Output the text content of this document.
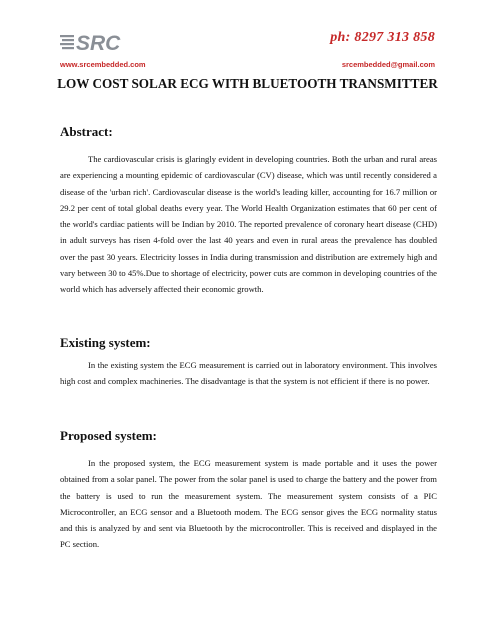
SRC	ph: 8297 313 858
www.srcembedded.com	srcembedded@gmail.com
LOW COST SOLAR ECG WITH BLUETOOTH TRANSMITTER
Abstract:

The cardiovascular crisis is glaringly evident in developing countries. Both the urban and rural areas are experiencing a mounting epidemic of cardiovascular (CV) disease, which was until recently considered a disease of the 'urban rich'. Cardiovascular disease is the world's leading killer, accounting for 16.7 million or 29.2 per cent of total global deaths every year. The World Health Organization estimates that 60 per cent of the world's cardiac patients will be Indian by 2010. The reported prevalence of coronary heart disease (CHD) in adult surveys has risen 4-fold over the last 40 years and even in rural areas the prevalence has doubled over the past 30 years. Electricity losses in India during transmission and distribution are extremely high and vary between 30 to 45%.Due to shortage of electricity, power cuts are common in developing countries of the world which has adversely affected their economic growth.

Existing system:

In the existing system the ECG measurement is carried out in laboratory environment. This involves high cost and complex machineries. The disadvantage is that the system is not efficient if there is no power.

Proposed system:

In the proposed system, the ECG measurement system is made portable and it uses the power obtained from a solar panel. The power from the solar panel is used to charge the battery and the power from the battery is used to run the measurement system. The measurement system consists of a PIC Microcontroller, an ECG sensor and a Bluetooth modem. The ECG sensor gives the ECG normality status and this is analyzed by and sent via Bluetooth by the microcontroller. This is received and displayed in the PC section.
